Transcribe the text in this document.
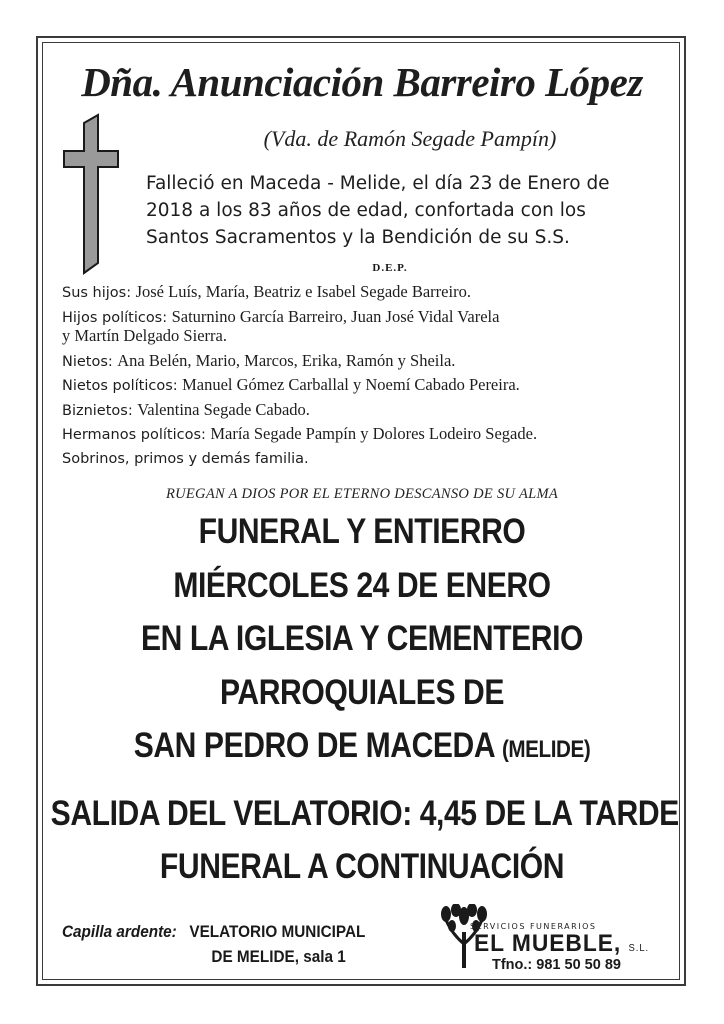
Dña. Anunciación Barreiro López
(Vda. de Ramón Segade Pampín)
Falleció en Maceda - Melide, el día 23 de Enero de
2018 a los 83 años de edad, confortada con los
Santos Sacramentos y la Bendición de su S.S.
D.E.P.
Sus hijos: José Luís, María, Beatriz e Isabel Segade Barreiro.
Hijos políticos: Saturnino García Barreiro, Juan José Vidal Varela
y Martín Delgado Sierra.
Nietos: Ana Belén, Mario, Marcos, Erika, Ramón y Sheila.
Nietos políticos: Manuel Gómez Carballal y Noemí Cabado Pereira.
Biznietos: Valentina Segade Cabado.
Hermanos políticos: María Segade Pampín y Dolores Lodeiro Segade.
Sobrinos, primos y demás familia.
RUEGAN A DIOS POR EL ETERNO DESCANSO DE SU ALMA
FUNERAL Y ENTIERRO
MIÉRCOLES 24 DE ENERO
EN LA IGLESIA Y CEMENTERIO
PARROQUIALES DE
SAN PEDRO DE MACEDA (MELIDE)
SALIDA DEL VELATORIO: 4,45 DE LA TARDE
FUNERAL A CONTINUACIÓN
Capilla ardente: VELATORIO MUNICIPAL
DE MELIDE, sala 1
SERVICIOS FUNERARIOS
EL MUEBLE, S.L.
Tfno.: 981 50 50 89
